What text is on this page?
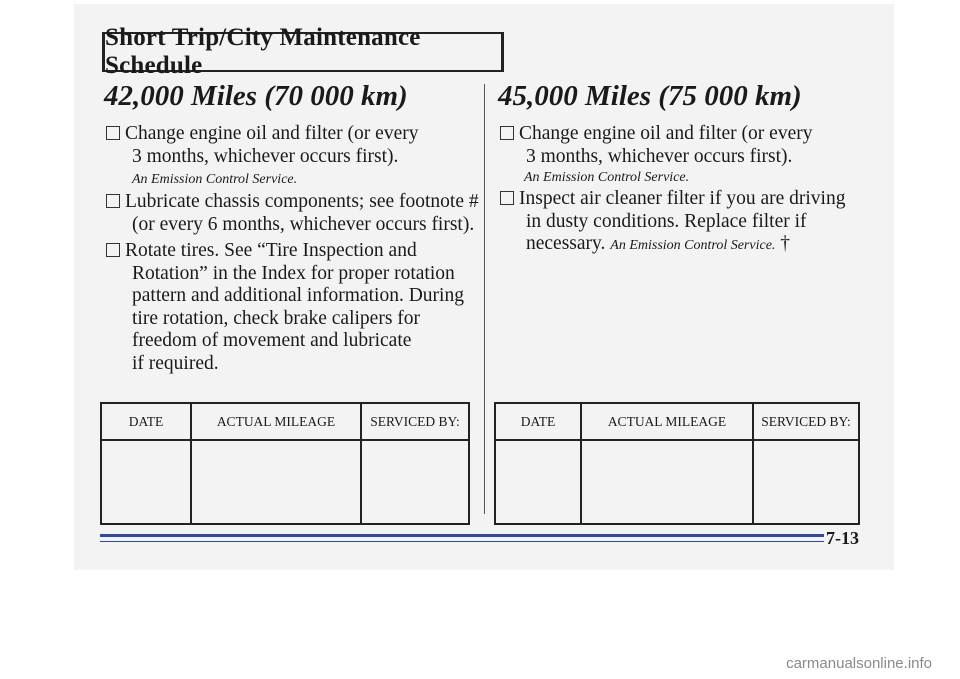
Short Trip/City Maintenance Schedule
42,000 Miles (70 000 km)
Change engine oil and filter (or every
3 months, whichever occurs first).
An Emission Control Service.
Lubricate chassis components; see footnote #
(or every 6 months, whichever occurs first).
Rotate tires. See “Tire Inspection and
Rotation” in the Index for proper rotation
pattern and additional information. During
tire rotation, check brake calipers for
freedom of movement and lubricate
if required.
DATE	ACTUAL MILEAGE	SERVICED BY:

45,000 Miles (75 000 km)
Change engine oil and filter (or every
3 months, whichever occurs first).
An Emission Control Service.
Inspect air cleaner filter if you are driving
in dusty conditions. Replace filter if
necessary. An Emission Control Service. †
DATE	ACTUAL MILEAGE	SERVICED BY:

7-13
carmanualsonline.info
